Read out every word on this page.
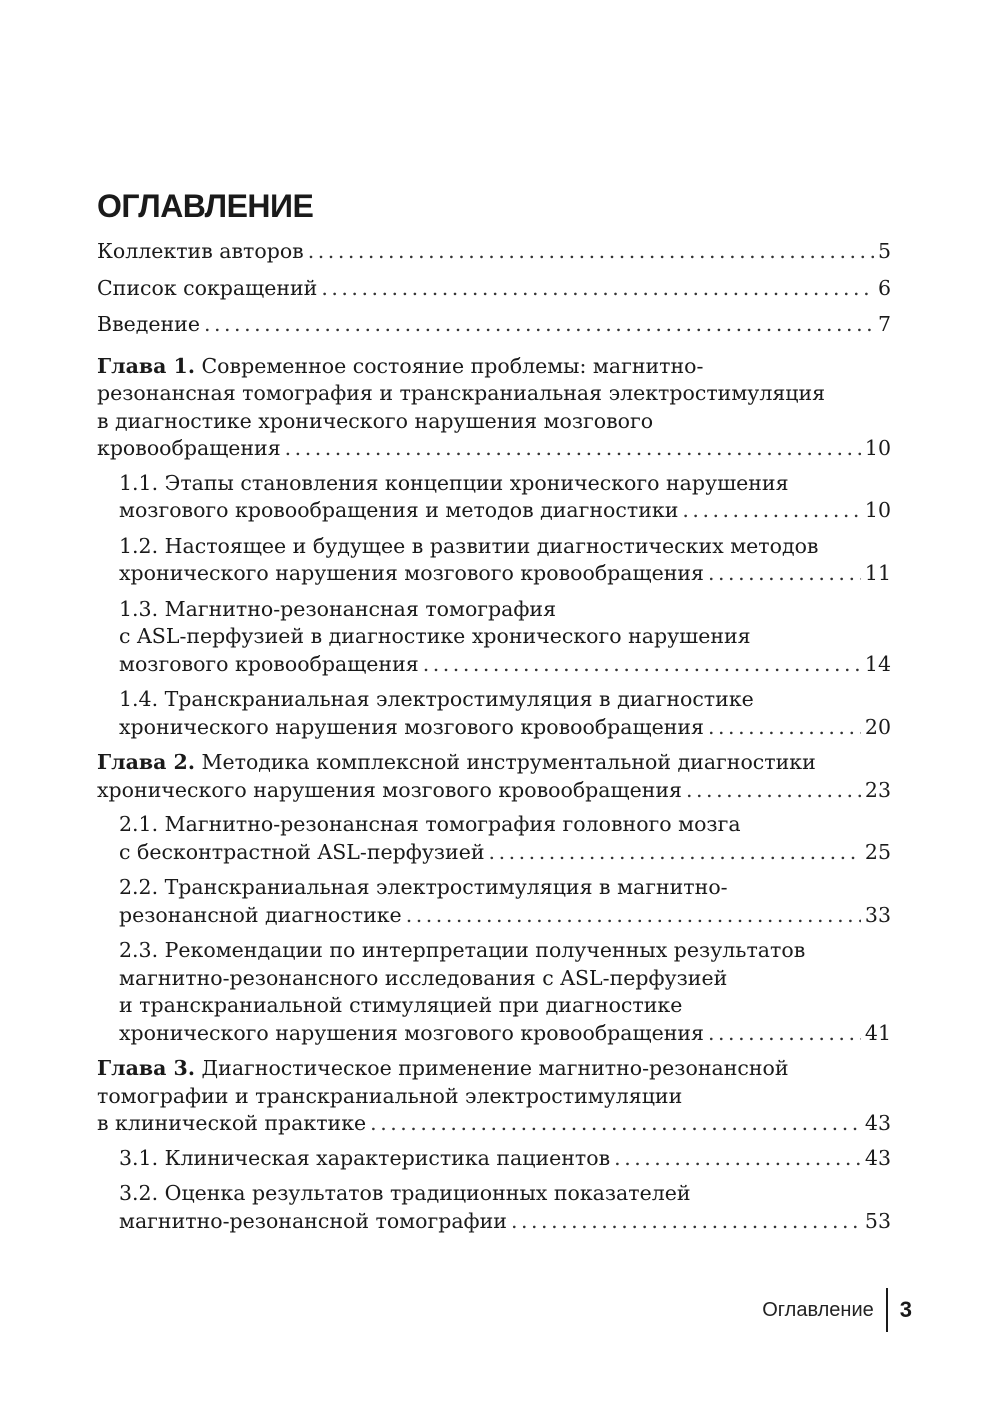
ОГЛАВЛЕНИЕ
Коллектив авторов . . .	5
Список сокращений . . .	6
Введение . . .	7
Глава 1. Современное состояние проблемы: магнитно-
резонансная томография и транскраниальная электростимуляция
в диагностике хронического нарушения мозгового
кровообращения . . .	10
1.1. Этапы становления концепции хронического нарушения
мозгового кровообращения и методов диагностики . . .	10
1.2. Настоящее и будущее в развитии диагностических методов
хронического нарушения мозгового кровообращения . . .	11
1.3. Магнитно-резонансная томография
с ASL-перфузией в диагностике хронического нарушения
мозгового кровообращения . . .	14
1.4. Транскраниальная электростимуляция в диагностике
хронического нарушения мозгового кровообращения . . .	20
Глава 2. Методика комплексной инструментальной диагностики
хронического нарушения мозгового кровообращения . . .	23
2.1. Магнитно-резонансная томография головного мозга
с бесконтрастной ASL-перфузией . . .	25
2.2. Транскраниальная электростимуляция в магнитно-
резонансной диагностике . . .	33
2.3. Рекомендации по интерпретации полученных результатов
магнитно-резонансного исследования с ASL-перфузией
и транскраниальной стимуляцией при диагностике
хронического нарушения мозгового кровообращения . . .	41
Глава 3. Диагностическое применение магнитно-резонансной
томографии и транскраниальной электростимуляции
в клинической практике . . .	43
3.1. Клиническая характеристика пациентов . . .	43
3.2. Оценка результатов традиционных показателей
магнитно-резонансной томографии . . .	53
Оглавление	3
